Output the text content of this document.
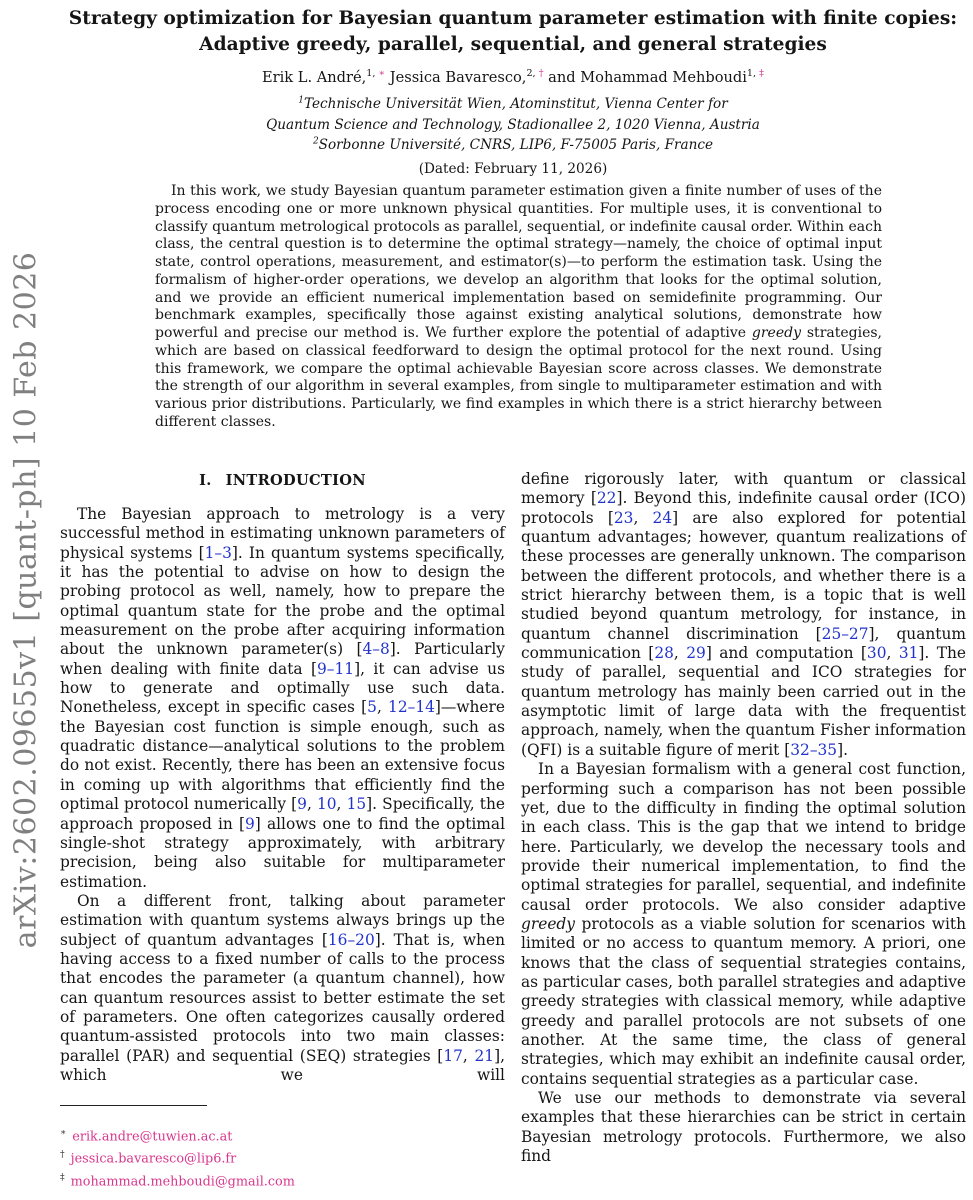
arXiv:2602.09655v1 [quant-ph] 10 Feb 2026
Strategy optimization for Bayesian quantum parameter estimation with finite copies:
Adaptive greedy, parallel, sequential, and general strategies
Erik L. André,$^{1,}$ ∗ Jessica Bavaresco,$^{2,}$ † and Mohammad Mehboudi$^{1,}$ ‡
$^1$Technische Universität Wien, Atominstitut, Vienna Center for
Quantum Science and Technology, Stadionallee 2, 1020 Vienna, Austria
$^2$Sorbonne Université, CNRS, LIP6, F-75005 Paris, France
(Dated: February 11, 2026)
In this work, we study Bayesian quantum parameter estimation given a finite number of uses of the process encoding one or more unknown physical quantities. For multiple uses, it is conventional to classify quantum metrological protocols as parallel, sequential, or indefinite causal order. Within each class, the central question is to determine the optimal strategy—namely, the choice of optimal input state, control operations, measurement, and estimator(s)—to perform the estimation task. Using the formalism of higher-order operations, we develop an algorithm that looks for the optimal solution, and we provide an efficient numerical implementation based on semidefinite programming. Our benchmark examples, specifically those against existing analytical solutions, demonstrate how powerful and precise our method is. We further explore the potential of adaptive greedy strategies, which are based on classical feedforward to design the optimal protocol for the next round. Using this framework, we compare the optimal achievable Bayesian score across classes. We demonstrate the strength of our algorithm in several examples, from single to multiparameter estimation and with various prior distributions. Particularly, we find examples in which there is a strict hierarchy between different classes.
I. INTRODUCTION

The Bayesian approach to metrology is a very successful method in estimating unknown parameters of physical systems [1–3]. In quantum systems specifically, it has the potential to advise on how to design the probing protocol as well, namely, how to prepare the optimal quantum state for the probe and the optimal measurement on the probe after acquiring information about the unknown parameter(s) [4–8]. Particularly when dealing with finite data [9–11], it can advise us how to generate and optimally use such data. Nonetheless, except in specific cases [5, 12–14]—where the Bayesian cost function is simple enough, such as quadratic distance—analytical solutions to the problem do not exist. Recently, there has been an extensive focus in coming up with algorithms that efficiently find the optimal protocol numerically [9, 10, 15]. Specifically, the approach proposed in [9] allows one to find the optimal single-shot strategy approximately, with arbitrary precision, being also suitable for multiparameter estimation.

On a different front, talking about parameter estimation with quantum systems always brings up the subject of quantum advantages [16–20]. That is, when having access to a fixed number of calls to the process that encodes the parameter (a quantum channel), how can quantum resources assist to better estimate the set of parameters. One often categorizes causally ordered quantum-assisted protocols into two main classes: parallel (PAR) and sequential (SEQ) strategies [17, 21], which we will

∗ erik.andre@tuwien.ac.at
† jessica.bavaresco@lip6.fr
‡ mohammad.mehboudi@gmail.com

define rigorously later, with quantum or classical memory [22]. Beyond this, indefinite causal order (ICO) protocols [23, 24] are also explored for potential quantum advantages; however, quantum realizations of these processes are generally unknown. The comparison between the different protocols, and whether there is a strict hierarchy between them, is a topic that is well studied beyond quantum metrology, for instance, in quantum channel discrimination [25–27], quantum communication [28, 29] and computation [30, 31]. The study of parallel, sequential and ICO strategies for quantum metrology has mainly been carried out in the asymptotic limit of large data with the frequentist approach, namely, when the quantum Fisher information (QFI) is a suitable figure of merit [32–35].

In a Bayesian formalism with a general cost function, performing such a comparison has not been possible yet, due to the difficulty in finding the optimal solution in each class. This is the gap that we intend to bridge here. Particularly, we develop the necessary tools and provide their numerical implementation, to find the optimal strategies for parallel, sequential, and indefinite causal order protocols. We also consider adaptive greedy protocols as a viable solution for scenarios with limited or no access to quantum memory. A priori, one knows that the class of sequential strategies contains, as particular cases, both parallel strategies and adaptive greedy strategies with classical memory, while adaptive greedy and parallel protocols are not subsets of one another. At the same time, the class of general strategies, which may exhibit an indefinite causal order, contains sequential strategies as a particular case.

We use our methods to demonstrate via several examples that these hierarchies can be strict in certain Bayesian metrology protocols. Furthermore, we also find
